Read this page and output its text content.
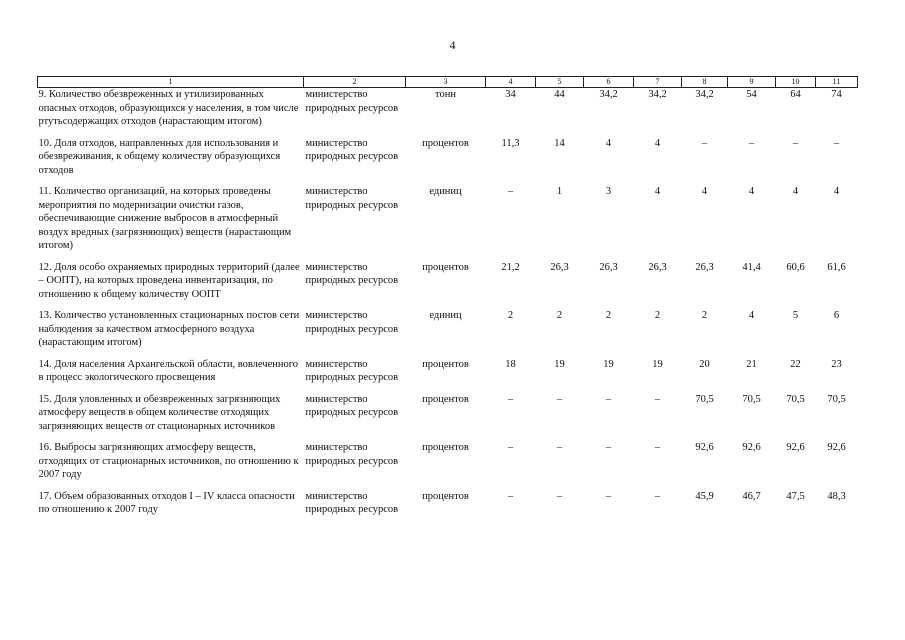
4
1	2	3	4	5	6	7	8	9	10	11
9. Количество обезвреженных и утилизированных опасных отходов, образующихся у населения, в том числе ртутьсодержащих отходов (нарастающим итогом)	министерство природных ресурсов	тонн	34	44	34,2	34,2	34,2	54	64	74
10. Доля отходов, направленных для использования и обезвреживания, к общему количеству образующихся отходов	министерство природных ресурсов	процентов	11,3	14	4	4	–	–	–	–
11. Количество организаций, на которых проведены мероприятия по модернизации очистки газов, обеспечивающие снижение выбросов в атмосферный воздух вредных (загрязняющих) веществ (нарастающим итогом)	министерство природных ресурсов	единиц	–	1	3	4	4	4	4	4
12. Доля особо охраняемых природных территорий (далее – ООПТ), на которых проведена инвентаризация, по отношению к общему количеству ООПТ	министерство природных ресурсов	процентов	21,2	26,3	26,3	26,3	26,3	41,4	60,6	61,6
13. Количество установленных стационарных постов сети наблюдения за качеством атмосферного воздуха (нарастающим итогом)	министерство природных ресурсов	единиц	2	2	2	2	2	4	5	6
14. Доля населения Архангельской области, вовлеченного в процесс экологического просвещения	министерство природных ресурсов	процентов	18	19	19	19	20	21	22	23
15. Доля уловленных и обезвреженных загрязняющих атмосферу веществ в общем количестве отходящих загрязняющих веществ от стационарных источников	министерство природных ресурсов	процентов	–	–	–	–	70,5	70,5	70,5	70,5
16. Выбросы загрязняющих атмосферу веществ, отходящих от стационарных источников, по отношению к 2007 году	министерство природных ресурсов	процентов	–	–	–	–	92,6	92,6	92,6	92,6
17. Объем образованных отходов I – IV класса опасности по отношению к 2007 году	министерство природных ресурсов	процентов	–	–	–	–	45,9	46,7	47,5	48,3
